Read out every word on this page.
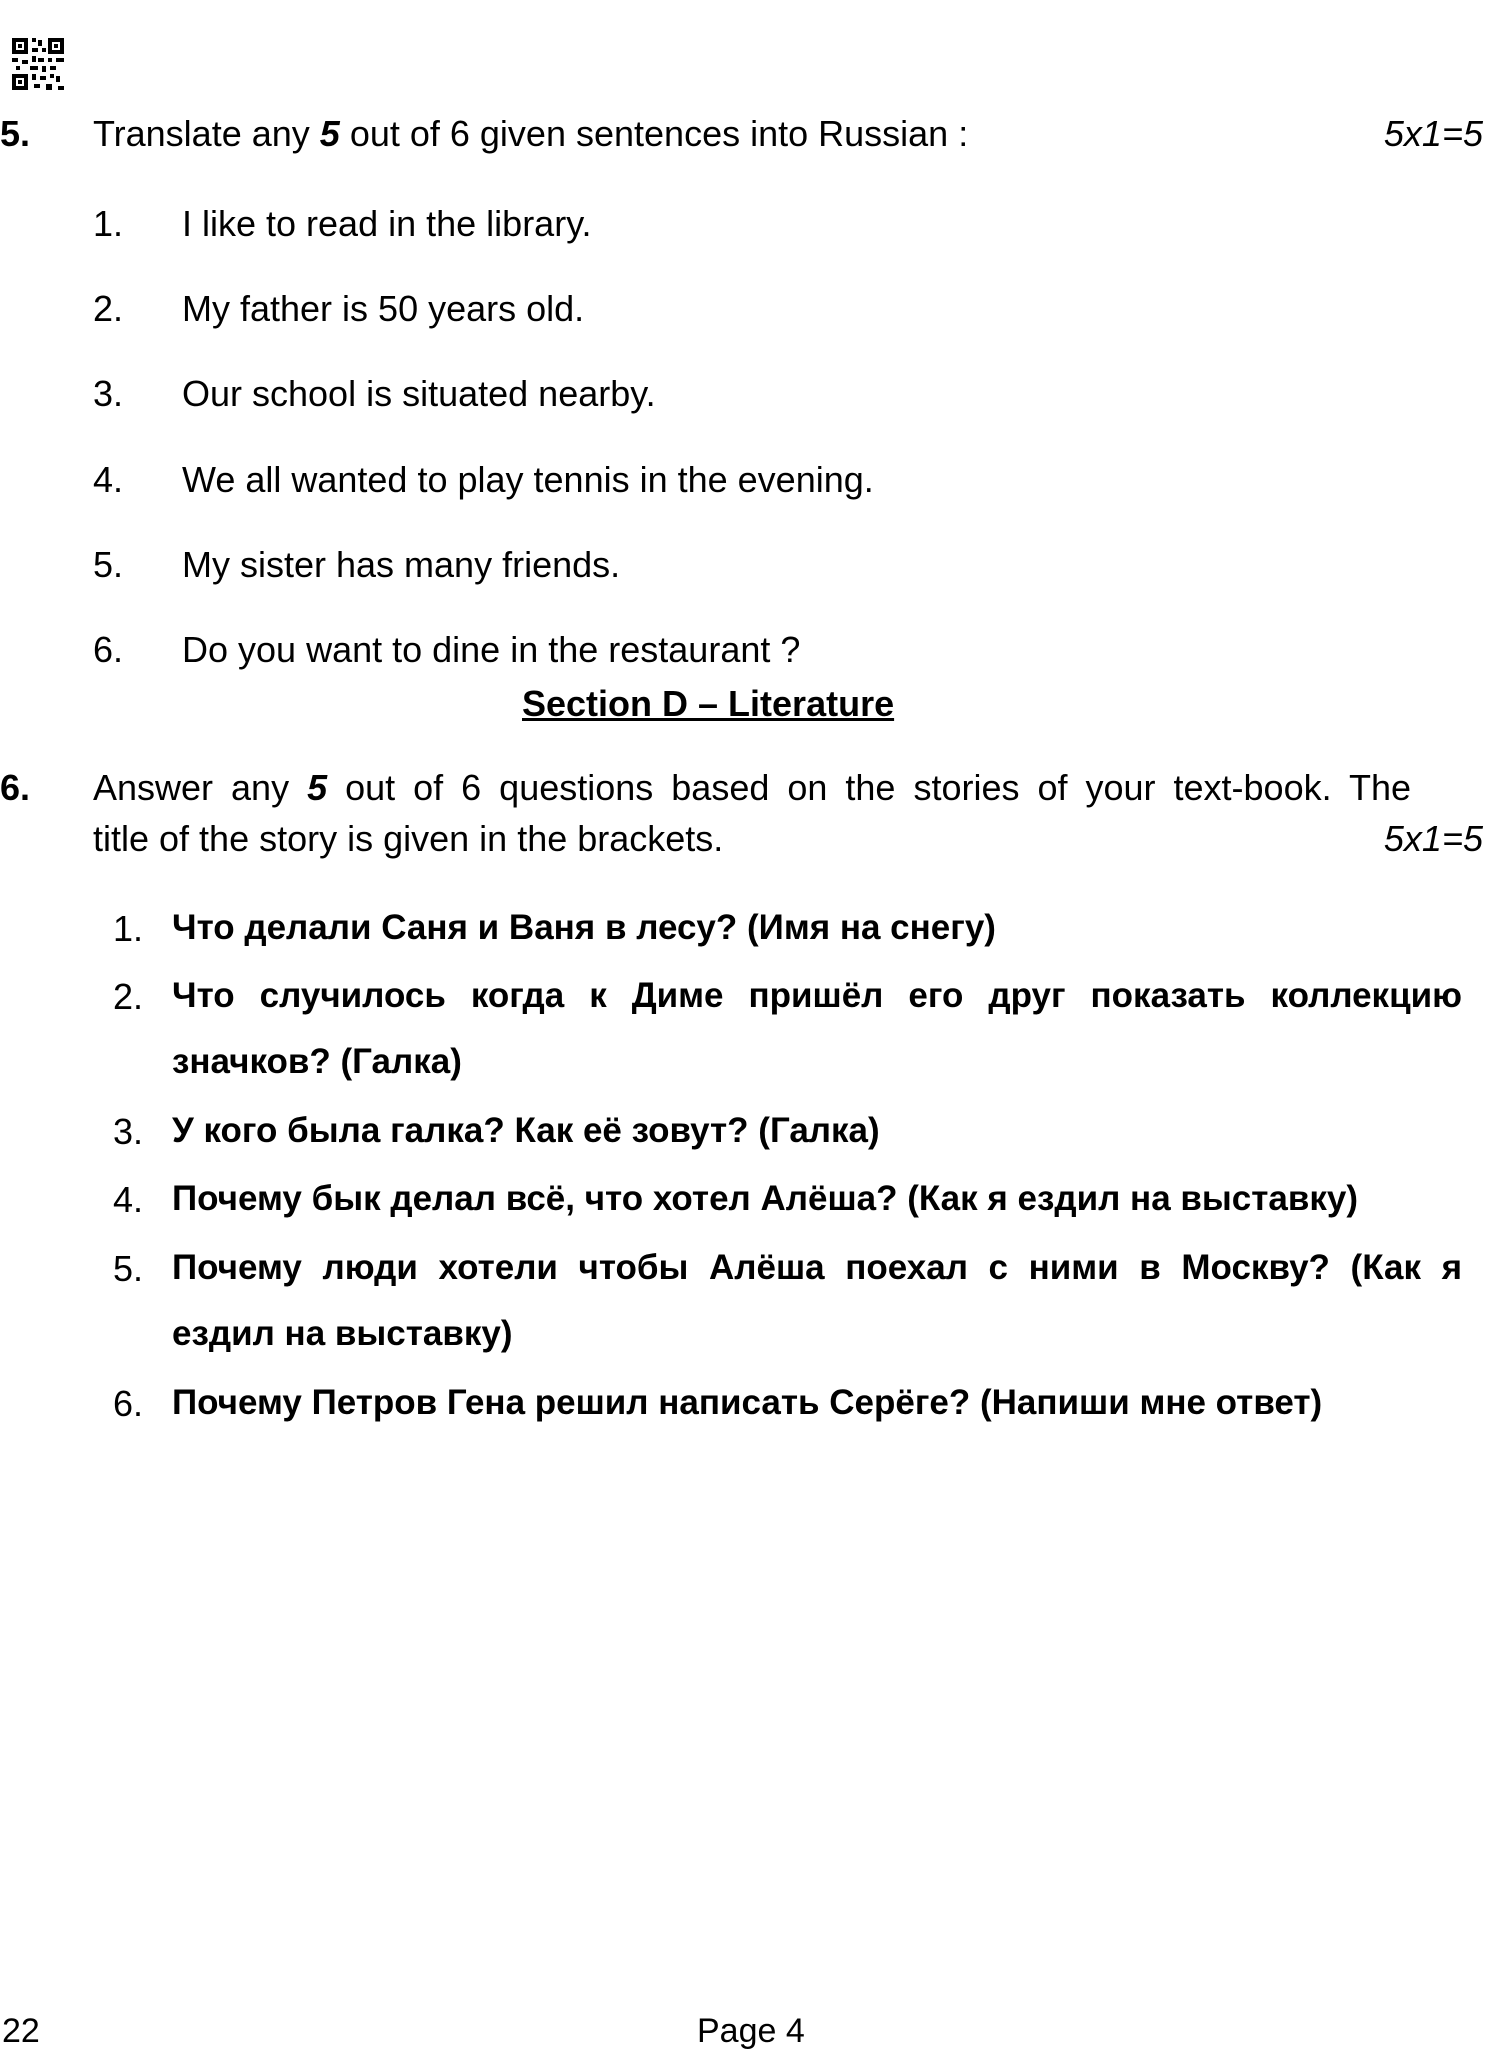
5. Translate any 5 out of 6 given sentences into Russian :	5x1=5
1. I like to read in the library.
2. My father is 50 years old.
3. Our school is situated nearby.
4. We all wanted to play tennis in the evening.
5. My sister has many friends.
6. Do you want to dine in the restaurant ?
Section D – Literature
6. Answer any 5 out of 6 questions based on the stories of your text-book. The
title of the story is given in the brackets.	5x1=5
1. Что делали Саня и Ваня в лесу? (Имя на снегу)
2. Что случилось когда к Диме пришёл его друг показать коллекцию
значков? (Галка)
3. У кого была галка? Как её зовут? (Галка)
4. Почему бык делал всё, что хотел Алёша? (Как я ездил на выставку)
5. Почему люди хотели чтобы Алёша поехал с ними в Москву? (Как я
ездил на выставку)
6. Почему Петров Гена решил написать Серёге? (Напиши мне ответ)
22	Page 4
